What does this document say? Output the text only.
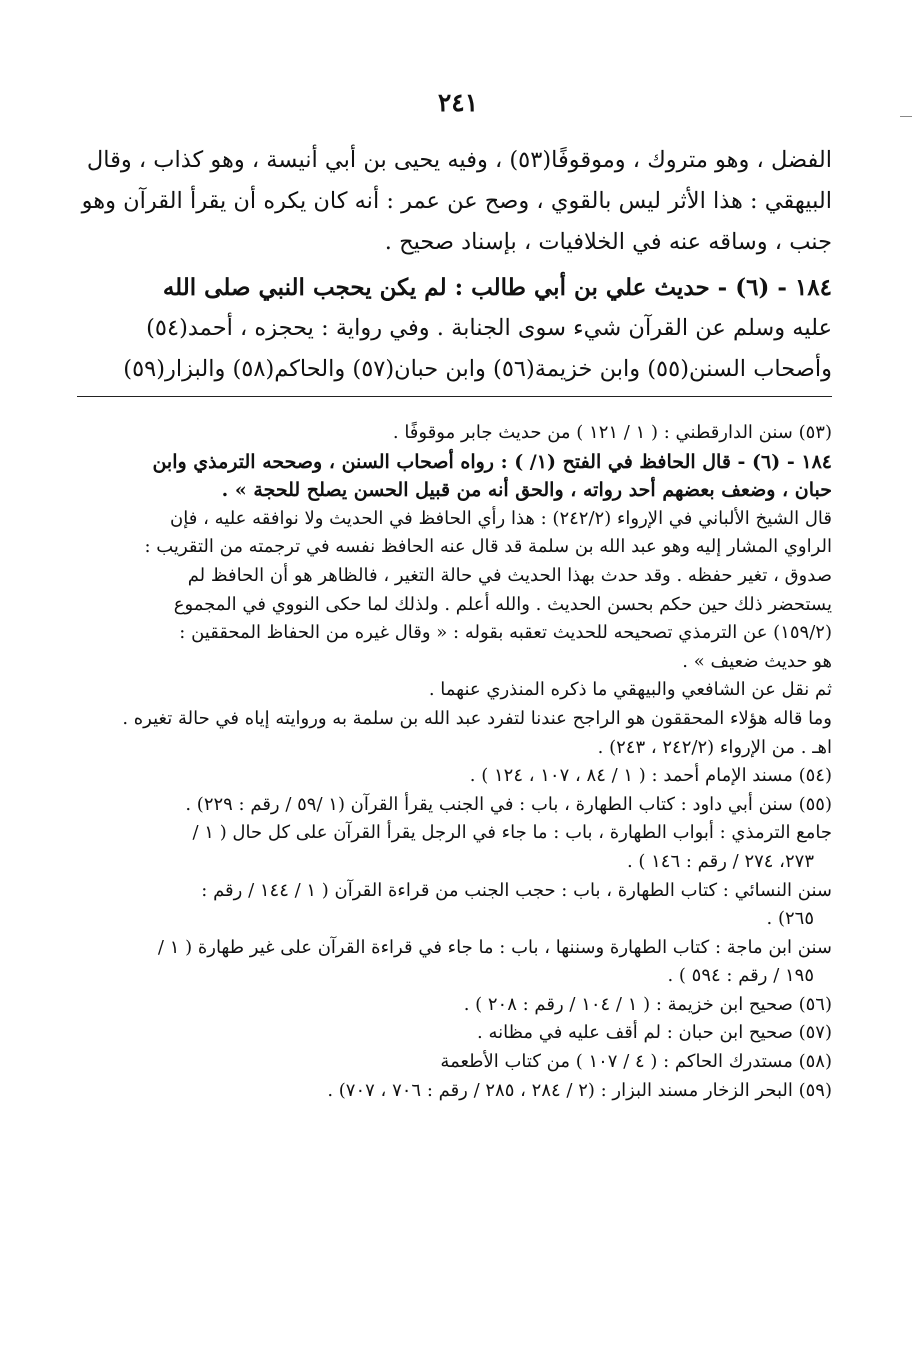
٢٤١

الفضل ، وهو متروك ، وموقوفًا(٥٣) ، وفيه يحيى بن أبي أنيسة ، وهو كذاب ، وقال

البيهقي : هذا الأثر ليس بالقوي ، وصح عن عمر : أنه كان يكره أن يقرأ القرآن وهو

جنب ، وساقه عنه في الخلافيات ، بإسناد صحيح .

١٨٤ - (٦) - حديث علي بن أبي طالب : لم يكن يحجب النبي صلى الله

عليه وسلم عن القرآن شيء سوى الجنابة . وفي رواية : يحجزه ، أحمد(٥٤)

وأصحاب السنن(٥٥) وابن خزيمة(٥٦) وابن حبان(٥٧) والحاكم(٥٨) والبزار(٥٩)

(٥٣) سنن الدارقطني : ( ١ / ١٢١ ) من حديث جابر موقوفًا .

١٨٤ - (٦) - قال الحافظ في الفتح (١/ ) : رواه أصحاب السنن ، وصححه الترمذي وابن

حبان ، وضعف بعضهم أحد رواته ، والحق أنه من قبيل الحسن يصلح للحجة » .

قال الشيخ الألباني في الإرواء (٢٤٢/٢) : هذا رأي الحافظ في الحديث ولا نوافقه عليه ، فإن

الراوي المشار إليه وهو عبد الله بن سلمة قد قال عنه الحافظ نفسه في ترجمته من التقريب :

صدوق ، تغير حفظه . وقد حدث بهذا الحديث في حالة التغير ، فالظاهر هو أن الحافظ لم

يستحضر ذلك حين حكم بحسن الحديث . والله أعلم . ولذلك لما حكى النووي في المجموع

(١٥٩/٢) عن الترمذي تصحيحه للحديث تعقبه بقوله : « وقال غيره من الحفاظ المحققين :

هو حديث ضعيف » .

ثم نقل عن الشافعي والبيهقي ما ذكره المنذري عنهما .

وما قاله هؤلاء المحققون هو الراجح عندنا لتفرد عبد الله بن سلمة به وروايته إياه في حالة تغيره .

اهـ . من الإرواء (٢٤٢/٢ ، ٢٤٣) .

(٥٤) مسند الإمام أحمد : ( ١ / ٨٤ ، ١٠٧ ، ١٢٤ ) .

(٥٥) سنن أبي داود : كتاب الطهارة ، باب : في الجنب يقرأ القرآن (١ /٥٩ / رقم : ٢٢٩) .

جامع الترمذي : أبواب الطهارة ، باب : ما جاء في الرجل يقرأ القرآن على كل حال ( ١ /

٢٧٣، ٢٧٤ / رقم : ١٤٦ ) .

سنن النسائي : كتاب الطهارة ، باب : حجب الجنب من قراءة القرآن ( ١ / ١٤٤ / رقم :

٢٦٥) .

سنن ابن ماجة : كتاب الطهارة وسننها ، باب : ما جاء في قراءة القرآن على غير طهارة ( ١ /

١٩٥ / رقم : ٥٩٤ ) .

(٥٦) صحيح ابن خزيمة : ( ١ / ١٠٤ / رقم : ٢٠٨ ) .

(٥٧) صحيح ابن حبان : لم أقف عليه في مظانه .

(٥٨) مستدرك الحاكم : ( ٤ / ١٠٧ ) من كتاب الأطعمة

(٥٩) البحر الزخار مسند البزار : (٢ / ٢٨٤ ، ٢٨٥ / رقم : ٧٠٦ ، ٧٠٧) .
